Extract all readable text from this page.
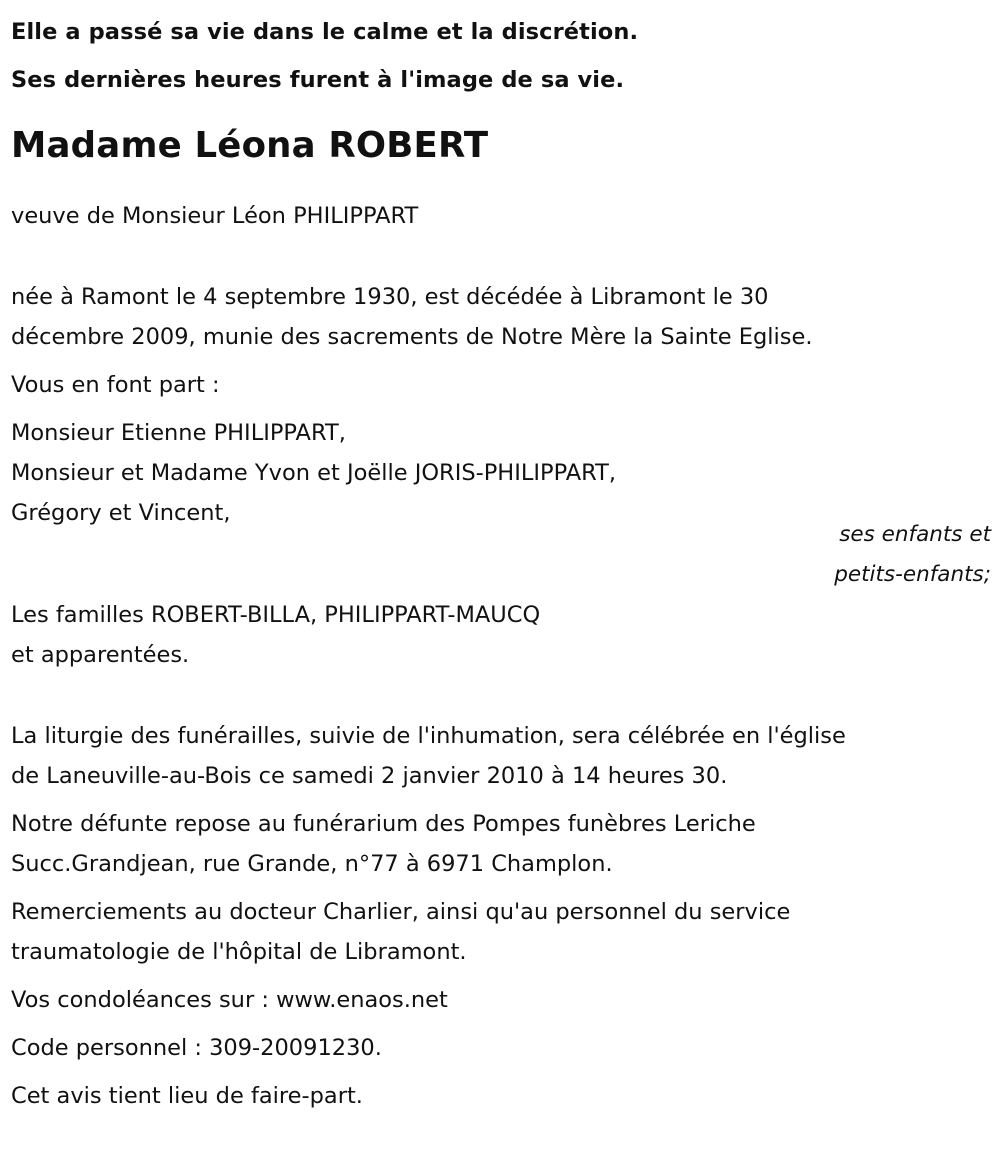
Elle a passé sa vie dans le calme et la discrétion.

Ses dernières heures furent à l'image de sa vie.

Madame Léona ROBERT

veuve de Monsieur Léon PHILIPPART

née à Ramont le 4 septembre 1930, est décédée à Libramont le 30

décembre 2009, munie des sacrements de Notre Mère la Sainte Eglise.

Vous en font part :

Monsieur Etienne PHILIPPART,

Monsieur et Madame Yvon et Joëlle JORIS-PHILIPPART,

Grégory et Vincent,

ses enfants et
petits-enfants;

Les familles ROBERT-BILLA, PHILIPPART-MAUCQ

et apparentées.

La liturgie des funérailles, suivie de l'inhumation, sera célébrée en l'église

de Laneuville-au-Bois ce samedi 2 janvier 2010 à 14 heures 30.

Notre défunte repose au funérarium des Pompes funèbres Leriche

Succ.Grandjean, rue Grande, n°77 à 6971 Champlon.

Remerciements au docteur Charlier, ainsi qu'au personnel du service

traumatologie de l'hôpital de Libramont.

Vos condoléances sur : www.enaos.net

Code personnel : 309-20091230.

Cet avis tient lieu de faire-part.
